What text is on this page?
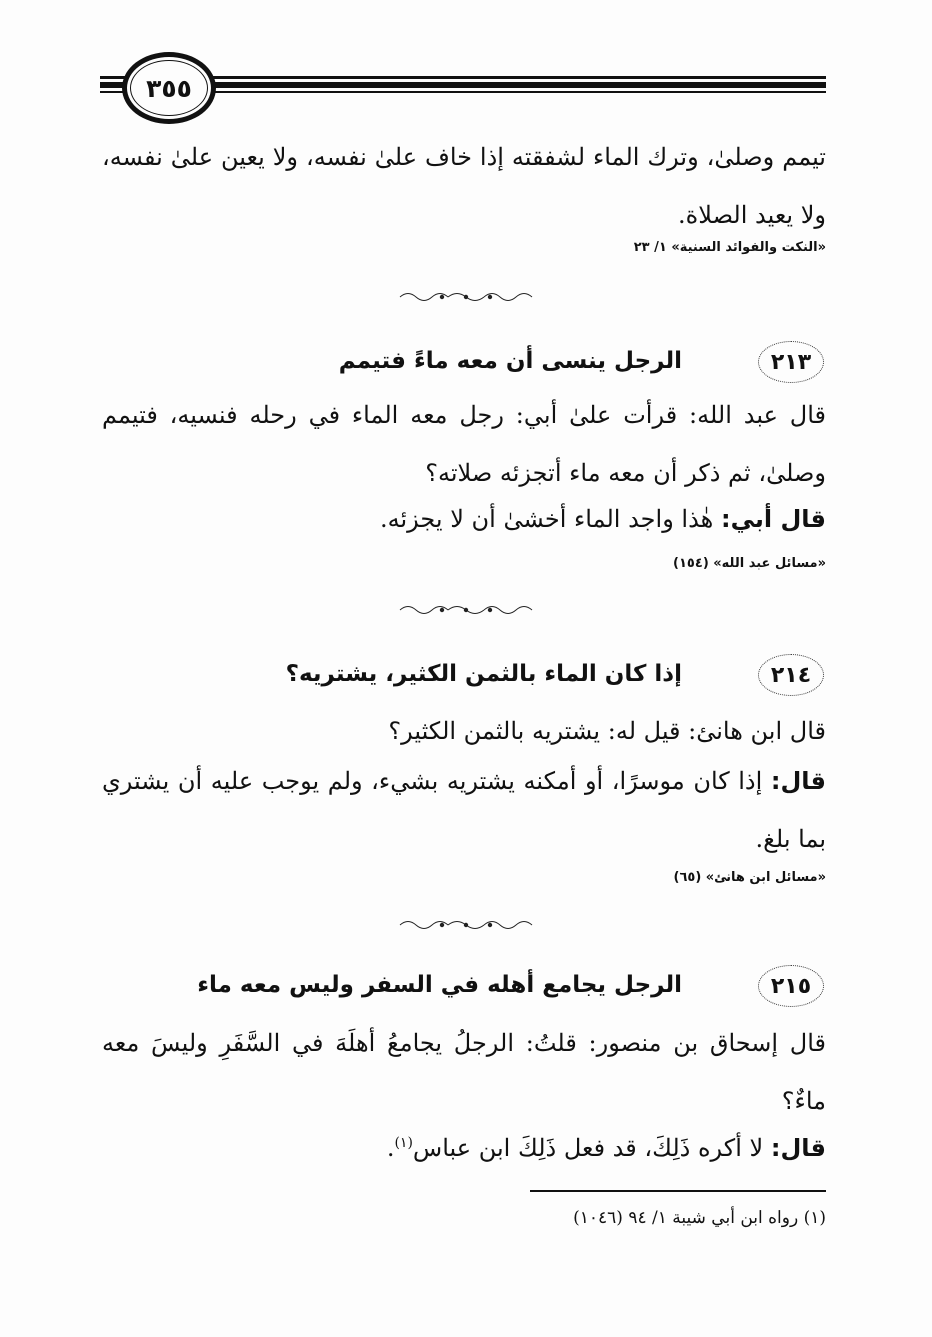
٣٥٥
تيمم وصلىٰ، وترك الماء لشفقته إذا خاف علىٰ نفسه، ولا يعين علىٰ نفسه، ولا يعيد الصلاة.
«النكت والفوائد السنية» ١/ ٢٣
٢١٣
الرجل ينسى أن معه ماءً فتيمم
قال عبد الله: قرأت علىٰ أبي: رجل معه الماء في رحله فنسيه، فتيمم وصلىٰ، ثم ذكر أن معه ماء أتجزئه صلاته؟
قال أبي: هٰذا واجد الماء أخشىٰ أن لا يجزئه.
«مسائل عبد الله» (١٥٤)
٢١٤
إذا كان الماء بالثمن الكثير، يشتريه؟
قال ابن هانئ: قيل له: يشتريه بالثمن الكثير؟
قال: إذا كان موسرًا، أو أمكنه يشتريه بشيء، ولم يوجب عليه أن يشتري بما بلغ.
«مسائل ابن هانئ» (٦٥)
٢١٥
الرجل يجامع أهله في السفر وليس معه ماء
قال إسحاق بن منصور: قلتُ: الرجلُ يجامعُ أهلَهَ في السَّفَرِ وليسَ معه ماءٌ؟
قال: لا أكره ذَلِكَ، قد فعل ذَلِكَ ابن عباس$^{(١)}$.
(١) رواه ابن أبي شيبة ١/ ٩٤ (١٠٤٦)
